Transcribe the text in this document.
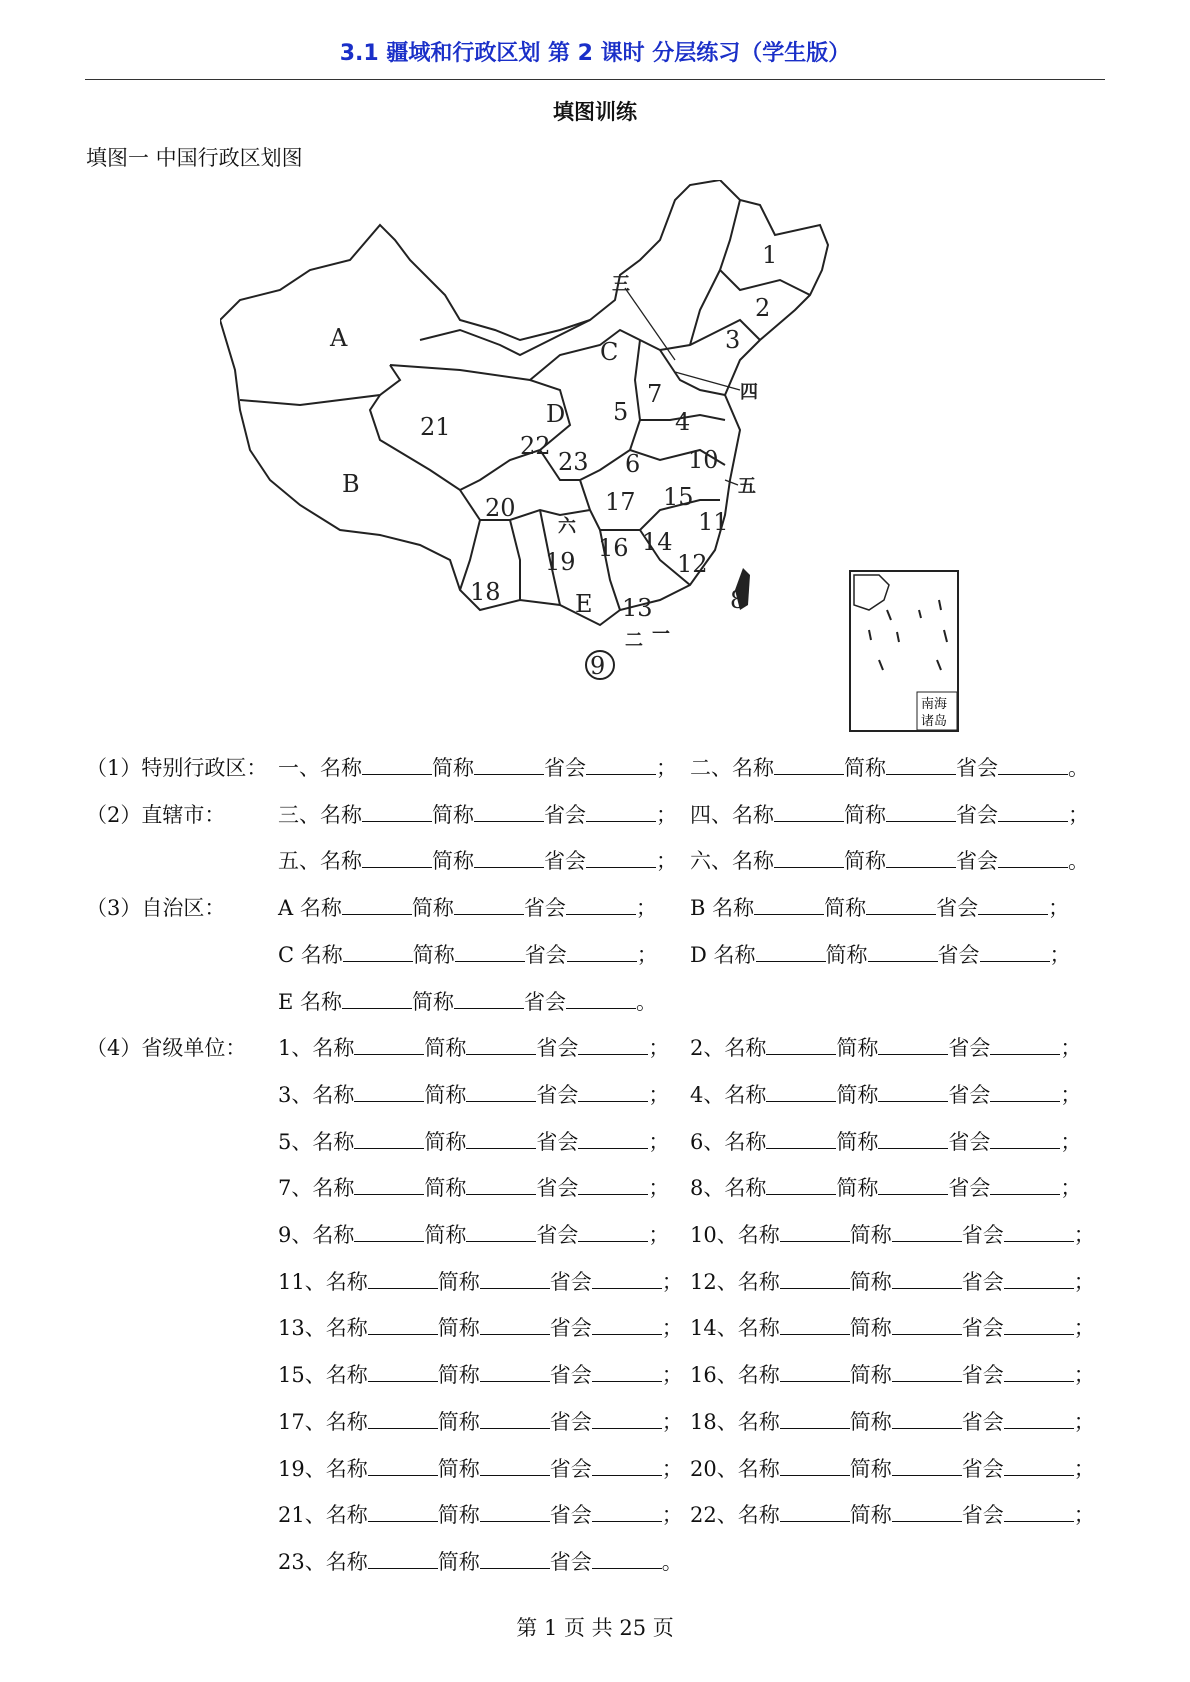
3.1 疆域和行政区划 第 2 课时 分层练习（学生版）
填图训练
填图一 中国行政区划图
A
B
C
D
E
1
2
3
4
5
6
7
8
9
10
11
12
13
14
15
16
17
18
19
20
21
22
23
三
四
五
六
一
二
南海
诸岛
（1）特别行政区： 一、名称	简称	省会	； 二、名称	简称	省会	。
（2）直辖市：	三、名称	简称	省会	； 四、名称	简称	省会	；
五、名称	简称	省会	； 六、名称	简称	省会	。
（3）自治区：	A 名称	简称	省会	； B 名称	简称	省会	；
C 名称	简称	省会	； D 名称	简称	省会	；
E 名称	简称	省会	。
（4）省级单位： 1、名称	简称	省会	； 2、名称	简称	省会	；
3、名称	简称	省会	； 4、名称	简称	省会	；
5、名称	简称	省会	； 6、名称	简称	省会	；
7、名称	简称	省会	； 8、名称	简称	省会	；
9、名称	简称	省会	； 10、名称	简称	省会	；
11、名称	简称	省会	； 12、名称	简称	省会	；
13、名称	简称	省会	； 14、名称	简称	省会	；
15、名称	简称	省会	； 16、名称	简称	省会	；
17、名称	简称	省会	； 18、名称	简称	省会	；
19、名称	简称	省会	； 20、名称	简称	省会	；
21、名称	简称	省会	； 22、名称	简称	省会	；
23、名称	简称	省会	。
第 1 页 共 25 页
